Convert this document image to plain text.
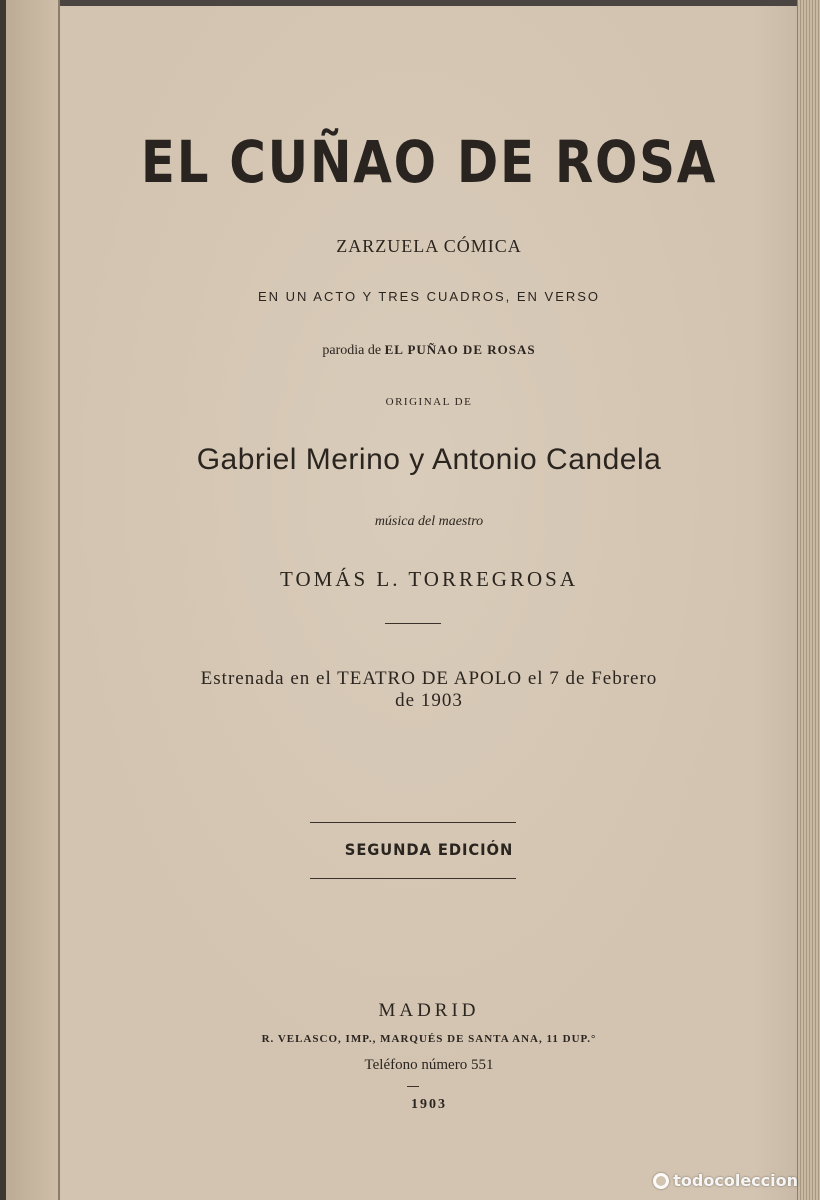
EL CUÑAO DE ROSA
ZARZUELA CÓMICA
EN UN ACTO Y TRES CUADROS, EN VERSO
parodia de EL PUÑAO DE ROSAS
ORIGINAL DE
Gabriel Merino y Antonio Candela
música del maestro
TOMÁS L. TORREGROSA
Estrenada en el TEATRO DE APOLO el 7 de Febrero
de 1903
SEGUNDA EDICIÓN
MADRID
R. VELASCO, IMP., MARQUÉS DE SANTA ANA, 11 DUP.°
Teléfono número 551
1903
todocoleccion
